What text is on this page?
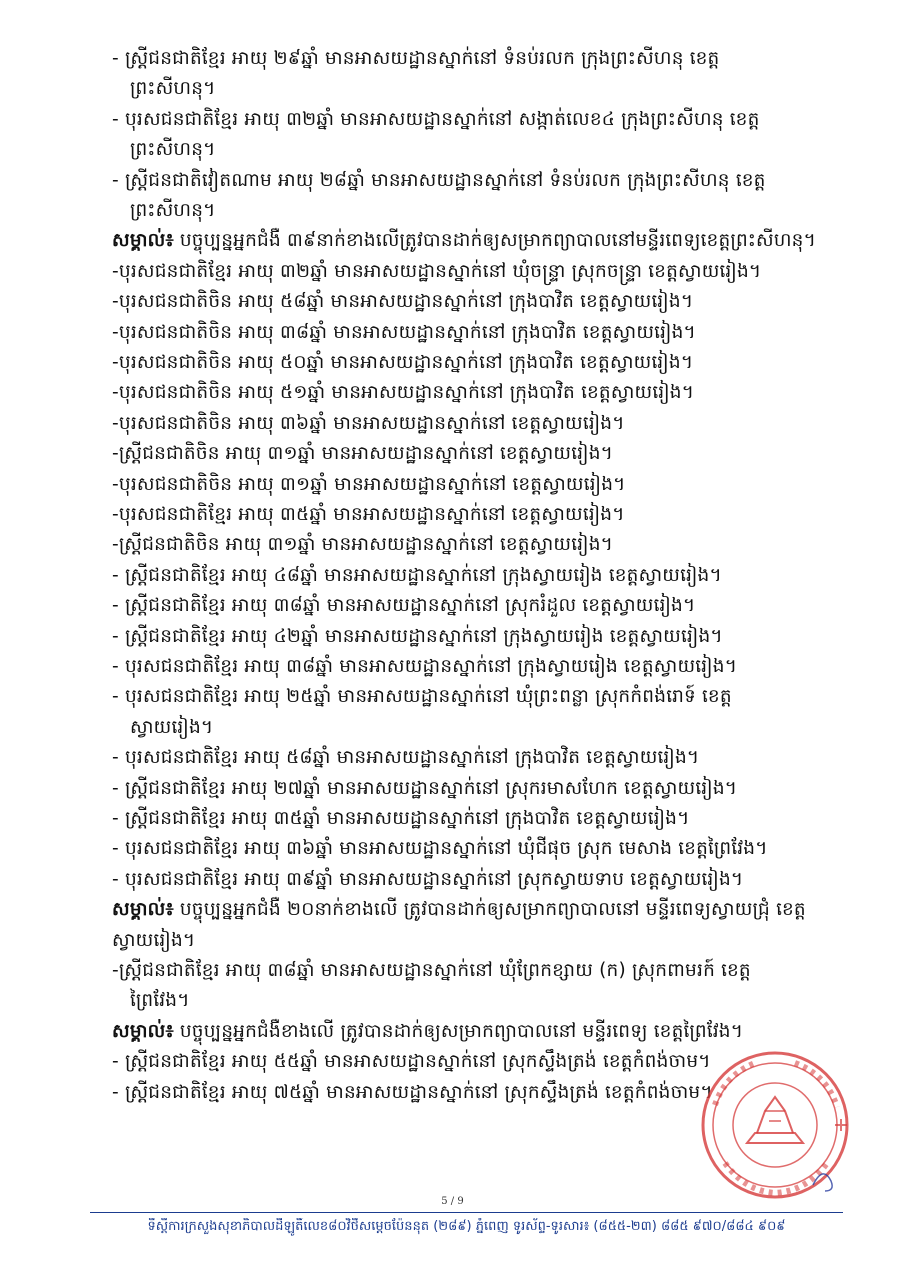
- ស្ត្រីជនជាតិខ្មែរ អាយុ ២៩ឆ្នាំ មានអាសយដ្ឋានស្នាក់នៅ ទំនប់រលក ក្រុងព្រះសីហនុ ខេត្ត
ព្រះសីហនុ។
- បុរសជនជាតិខ្មែរ អាយុ ៣២ឆ្នាំ មានអាសយដ្ឋានស្នាក់នៅ សង្កាត់លេខ៤ ក្រុងព្រះសីហនុ ខេត្ត
ព្រះសីហនុ។
- ស្ត្រីជនជាតិវៀតណាម អាយុ ២៨ឆ្នាំ មានអាសយដ្ឋានស្នាក់នៅ ទំនប់រលក ក្រុងព្រះសីហនុ ខេត្ត
ព្រះសីហនុ។
សម្គាល់៖ បច្ចុប្បន្នអ្នកជំងឺ ៣៩នាក់ខាងលើត្រូវបានដាក់ឲ្យសម្រាកព្យាបាលនៅមន្ទីរពេទ្យខេត្តព្រះសីហនុ។
-បុរសជនជាតិខ្មែរ អាយុ ៣២ឆ្នាំ មានអាសយដ្ឋានស្នាក់នៅ ឃុំចន្ទ្រា ស្រុកចន្ទ្រា ខេត្តស្វាយរៀង។
-បុរសជនជាតិចិន អាយុ ៥៨ឆ្នាំ មានអាសយដ្ឋានស្នាក់នៅ ក្រុងបាវិត ខេត្តស្វាយរៀង។
-បុរសជនជាតិចិន អាយុ ៣៨ឆ្នាំ មានអាសយដ្ឋានស្នាក់នៅ ក្រុងបាវិត ខេត្តស្វាយរៀង។
-បុរសជនជាតិចិន អាយុ ៥០ឆ្នាំ មានអាសយដ្ឋានស្នាក់នៅ ក្រុងបាវិត ខេត្តស្វាយរៀង។
-បុរសជនជាតិចិន អាយុ ៥១ឆ្នាំ មានអាសយដ្ឋានស្នាក់នៅ ក្រុងបាវិត ខេត្តស្វាយរៀង។
-បុរសជនជាតិចិន អាយុ ៣៦ឆ្នាំ មានអាសយដ្ឋានស្នាក់នៅ ខេត្តស្វាយរៀង។
-ស្ត្រីជនជាតិចិន អាយុ ៣១ឆ្នាំ មានអាសយដ្ឋានស្នាក់នៅ ខេត្តស្វាយរៀង។
-បុរសជនជាតិចិន អាយុ ៣១ឆ្នាំ មានអាសយដ្ឋានស្នាក់នៅ ខេត្តស្វាយរៀង។
-បុរសជនជាតិខ្មែរ អាយុ ៣៥ឆ្នាំ មានអាសយដ្ឋានស្នាក់នៅ ខេត្តស្វាយរៀង។
-ស្ត្រីជនជាតិចិន អាយុ ៣១ឆ្នាំ មានអាសយដ្ឋានស្នាក់នៅ ខេត្តស្វាយរៀង។
- ស្ត្រីជនជាតិខ្មែរ អាយុ ៤៨ឆ្នាំ មានអាសយដ្ឋានស្នាក់នៅ ក្រុងស្វាយរៀង ខេត្តស្វាយរៀង។
- ស្ត្រីជនជាតិខ្មែរ អាយុ ៣៨ឆ្នាំ មានអាសយដ្ឋានស្នាក់នៅ ស្រុករំដួល ខេត្តស្វាយរៀង។
- ស្ត្រីជនជាតិខ្មែរ អាយុ ៤២ឆ្នាំ មានអាសយដ្ឋានស្នាក់នៅ ក្រុងស្វាយរៀង ខេត្តស្វាយរៀង។
- បុរសជនជាតិខ្មែរ អាយុ ៣៨ឆ្នាំ មានអាសយដ្ឋានស្នាក់នៅ ក្រុងស្វាយរៀង ខេត្តស្វាយរៀង។
- បុរសជនជាតិខ្មែរ អាយុ ២៥ឆ្នាំ មានអាសយដ្ឋានស្នាក់នៅ ឃុំព្រះពន្លា ស្រុកកំពង់រោទ៍ ខេត្ត
ស្វាយរៀង។
- បុរសជនជាតិខ្មែរ អាយុ ៥៨ឆ្នាំ មានអាសយដ្ឋានស្នាក់នៅ ក្រុងបាវិត ខេត្តស្វាយរៀង។
- ស្ត្រីជនជាតិខ្មែរ អាយុ ២៧ឆ្នាំ មានអាសយដ្ឋានស្នាក់នៅ ស្រុករមាសហែក ខេត្តស្វាយរៀង។
- ស្ត្រីជនជាតិខ្មែរ អាយុ ៣៥ឆ្នាំ មានអាសយដ្ឋានស្នាក់នៅ ក្រុងបាវិត ខេត្តស្វាយរៀង។
- បុរសជនជាតិខ្មែរ អាយុ ៣៦ឆ្នាំ មានអាសយដ្ឋានស្នាក់នៅ ឃុំជីផុច ស្រុក មេសាង ខេត្តព្រៃវែង។
- បុរសជនជាតិខ្មែរ អាយុ ៣៩ឆ្នាំ មានអាសយដ្ឋានស្នាក់នៅ ស្រុកស្វាយទាប ខេត្តស្វាយរៀង។
សម្គាល់៖ បច្ចុប្បន្នអ្នកជំងឺ ២០នាក់ខាងលើ ត្រូវបានដាក់ឲ្យសម្រាកព្យាបាលនៅ មន្ទីរពេទ្យស្វាយជ្រុំ ខេត្ត
ស្វាយរៀង។
-ស្ត្រីជនជាតិខ្មែរ អាយុ ៣៨ឆ្នាំ មានអាសយដ្ឋានស្នាក់នៅ ឃុំព្រែកខ្សាយ (ក) ស្រុកពាមរក៍ ខេត្ត
ព្រៃវែង។
សម្គាល់៖ បច្ចុប្បន្នអ្នកជំងឺខាងលើ ត្រូវបានដាក់ឲ្យសម្រាកព្យាបាលនៅ មន្ទីរពេទ្យ ខេត្តព្រៃវែង។
- ស្ត្រីជនជាតិខ្មែរ អាយុ ៥៥ឆ្នាំ មានអាសយដ្ឋានស្នាក់នៅ ស្រុកស្ទឹងត្រង់ ខេត្តកំពង់ចាម។
- ស្ត្រីជនជាតិខ្មែរ អាយុ ៧៥ឆ្នាំ មានអាសយដ្ឋានស្នាក់នៅ ស្រុកស្ទឹងត្រង់ ខេត្តកំពង់ចាម។
5 / 9
ទីស្តីការក្រសួងសុខាភិបាលដីឡូតិ៍លេខ៨០វិថីសម្តេចប៉ែននុត (២៨៩) ភ្នំពេញ ទូរស័ព្ទ-ទូរសារ៖ (៨៥៥-២៣) ៨៨៥ ៩៧០/៨៨៤ ៩០៩
